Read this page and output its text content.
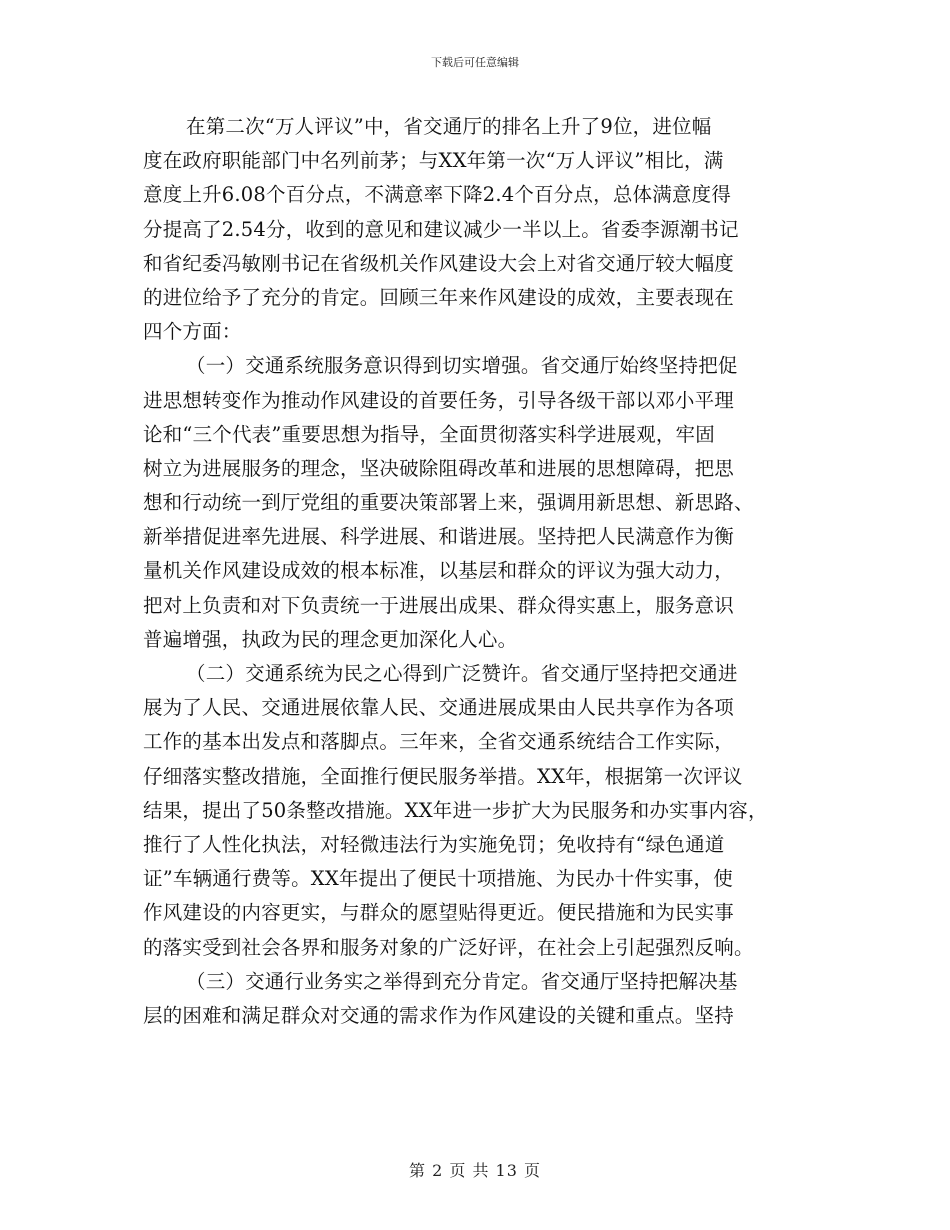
下载后可任意编辑
在第二次“万人评议”中，省交通厅的排名上升了9位，进位幅
度在政府职能部门中名列前茅；与XX年第一次“万人评议”相比，满
意度上升6.08个百分点，不满意率下降2.4个百分点，总体满意度得
分提高了2.54分，收到的意见和建议减少一半以上。省委李源潮书记
和省纪委冯敏刚书记在省级机关作风建设大会上对省交通厅较大幅度
的进位给予了充分的肯定。回顾三年来作风建设的成效，主要表现在
四个方面：
（一）交通系统服务意识得到切实增强。省交通厅始终坚持把促
进思想转变作为推动作风建设的首要任务，引导各级干部以邓小平理
论和“三个代表”重要思想为指导，全面贯彻落实科学进展观，牢固
树立为进展服务的理念，坚决破除阻碍改革和进展的思想障碍，把思
想和行动统一到厅党组的重要决策部署上来，强调用新思想、新思路、
新举措促进率先进展、科学进展、和谐进展。坚持把人民满意作为衡
量机关作风建设成效的根本标准，以基层和群众的评议为强大动力，
把对上负责和对下负责统一于进展出成果、群众得实惠上，服务意识
普遍增强，执政为民的理念更加深化人心。
（二）交通系统为民之心得到广泛赞许。省交通厅坚持把交通进
展为了人民、交通进展依靠人民、交通进展成果由人民共享作为各项
工作的基本出发点和落脚点。三年来，全省交通系统结合工作实际，
仔细落实整改措施，全面推行便民服务举措。XX年，根据第一次评议
结果，提出了50条整改措施。XX年进一步扩大为民服务和办实事内容，
推行了人性化执法，对轻微违法行为实施免罚；免收持有“绿色通道
证”车辆通行费等。XX年提出了便民十项措施、为民办十件实事，使
作风建设的内容更实，与群众的愿望贴得更近。便民措施和为民实事
的落实受到社会各界和服务对象的广泛好评，在社会上引起强烈反响。
（三）交通行业务实之举得到充分肯定。省交通厅坚持把解决基
层的困难和满足群众对交通的需求作为作风建设的关键和重点。坚持
第 2 页 共 13 页
